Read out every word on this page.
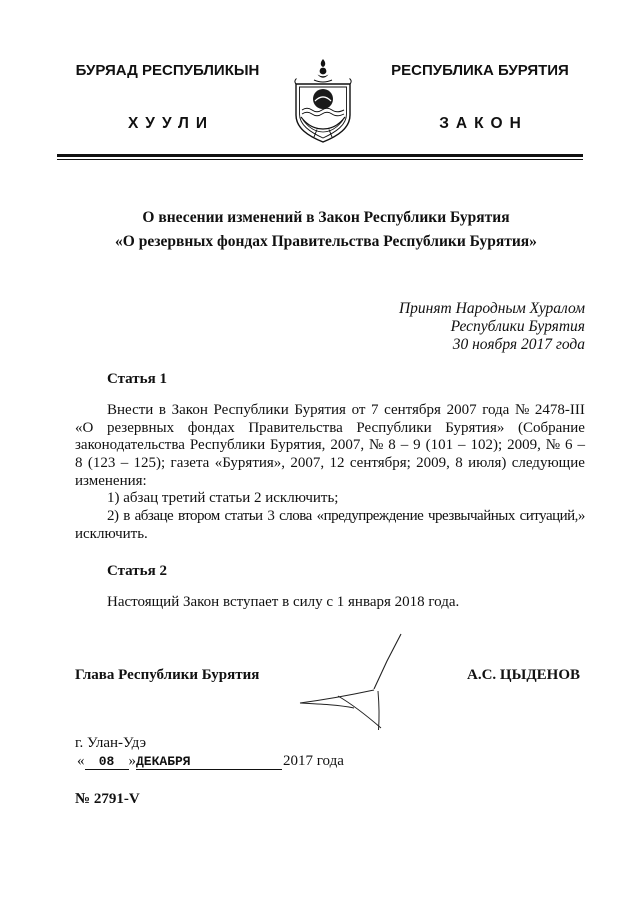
БУРЯАД РЕСПУБЛИКЫН	РЕСПУБЛИКА БУРЯТИЯ
ХУУЛИ	ЗАКОН
О внесении изменений в Закон Республики Бурятия
«О резервных фондах Правительства Республики Бурятия»
Принят Народным Хуралом
Республики Бурятия
30 ноября 2017 года
Статья 1
Внести в Закон Республики Бурятия от 7 сентября 2007 года № 2478-III
«О резервных фондах Правительства Республики Бурятия» (Собрание
законодательства Республики Бурятия, 2007, № 8 – 9 (101 – 102); 2009, № 6 –
8 (123 – 125); газета «Бурятия», 2007, 12 сентября; 2009, 8 июля) следующие
изменения:
1) абзац третий статьи 2 исключить;
2) в абзаце втором статьи 3 слова «предупреждение чрезвычайных ситуаций,»
исключить.
Статья 2
Настоящий Закон вступает в силу с 1 января 2018 года.
Глава Республики Бурятия	А.С. ЦЫДЕНОВ
г. Улан-Удэ
«	08 » ДЕКАБРЯ	2017 года
№ 2791-V
